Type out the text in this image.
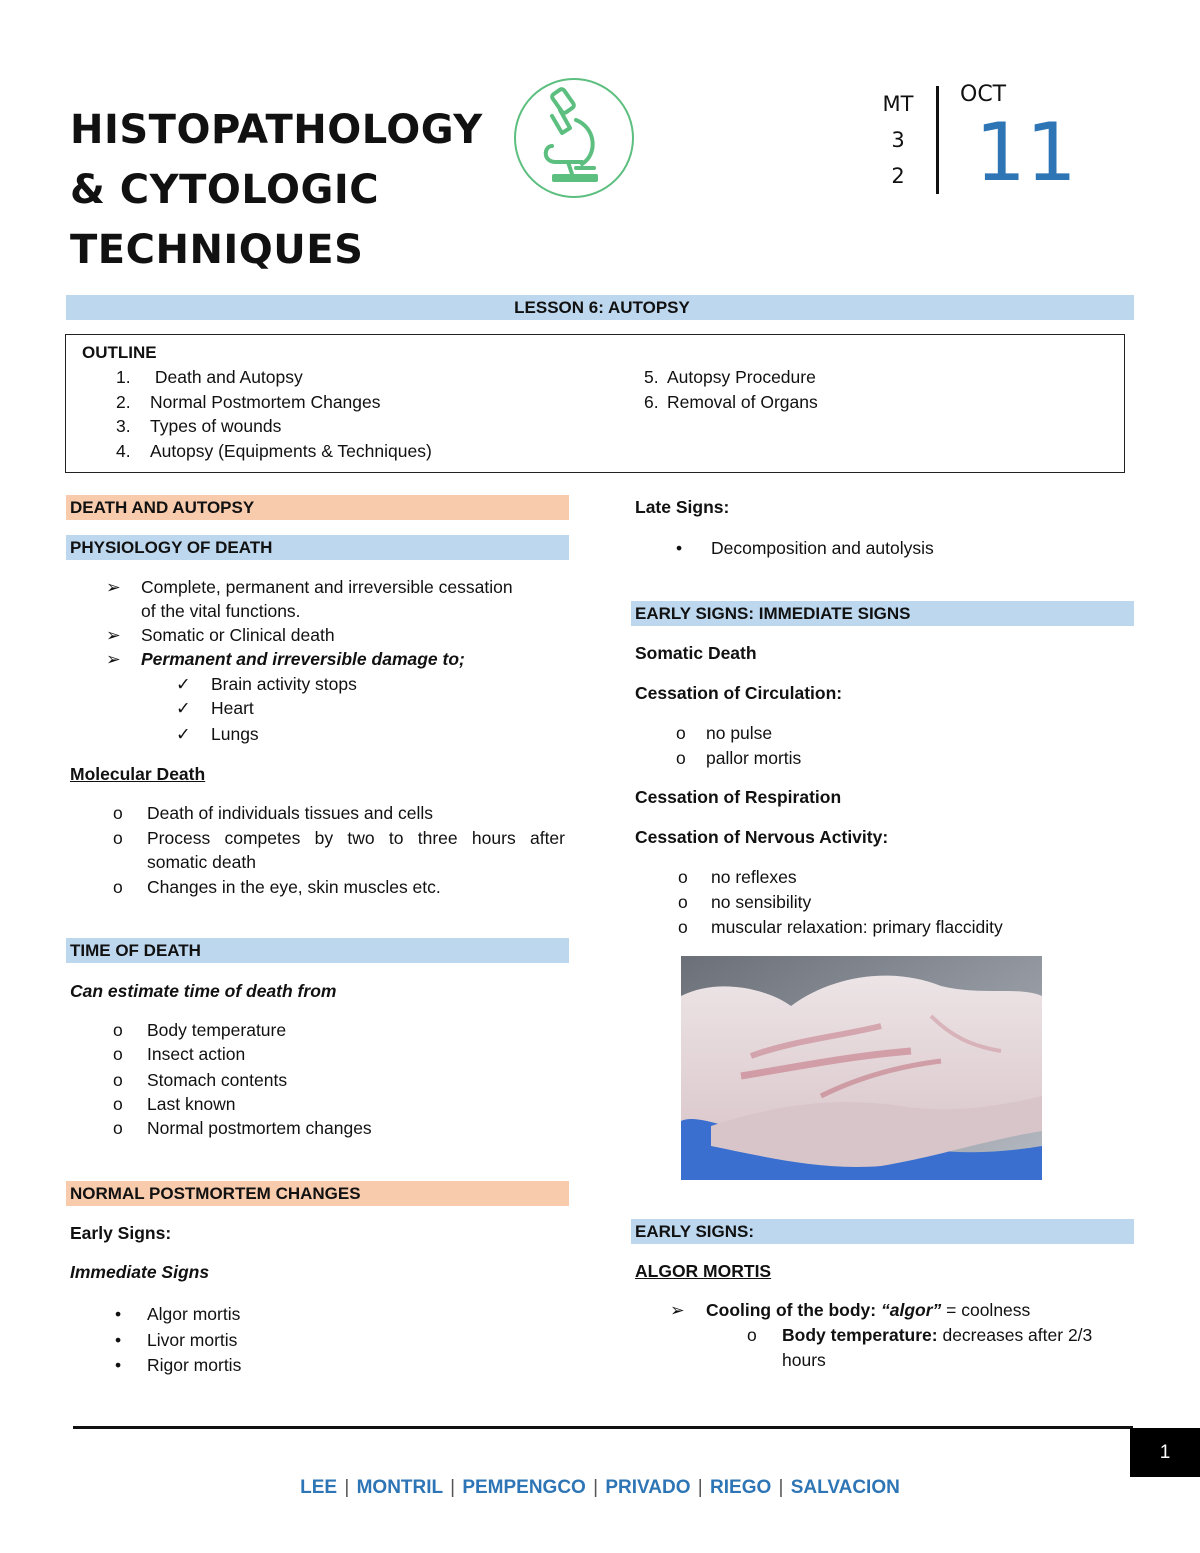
HISTOPATHOLOGY
& CYTOLOGIC
TECHNIQUES
MT
3
2
OCT
11
LESSON 6: AUTOPSY
OUTLINE
1. Death and Autopsy
2. Normal Postmortem Changes
3. Types of wounds
4. Autopsy (Equipments & Techniques)
5. Autopsy Procedure
6. Removal of Organs
DEATH AND AUTOPSY
PHYSIOLOGY OF DEATH
➢ Complete, permanent and irreversible cessation
of the vital functions.
➢ Somatic or Clinical death
➢ Permanent and irreversible damage to;
✓ Brain activity stops
✓ Heart
✓ Lungs
Molecular Death
o Death of individuals tissues and cells
o Process competes by two to three hours after
somatic death
o Changes in the eye, skin muscles etc.
TIME OF DEATH
Can estimate time of death from
o Body temperature
o Insect action
o Stomach contents
o Last known
o Normal postmortem changes
NORMAL POSTMORTEM CHANGES
Early Signs:
Immediate Signs
• Algor mortis
• Livor mortis
• Rigor mortis
Late Signs:
• Decomposition and autolysis
EARLY SIGNS: IMMEDIATE SIGNS
Somatic Death
Cessation of Circulation:
o no pulse
o pallor mortis
Cessation of Respiration
Cessation of Nervous Activity:
o no reflexes
o no sensibility
o muscular relaxation: primary flaccidity
EARLY SIGNS:
ALGOR MORTIS
➢ Cooling of the body: “algor” = coolness
o Body temperature: decreases after 2/3
hours
1
LEE | MONTRIL | PEMPENGCO | PRIVADO | RIEGO | SALVACION
